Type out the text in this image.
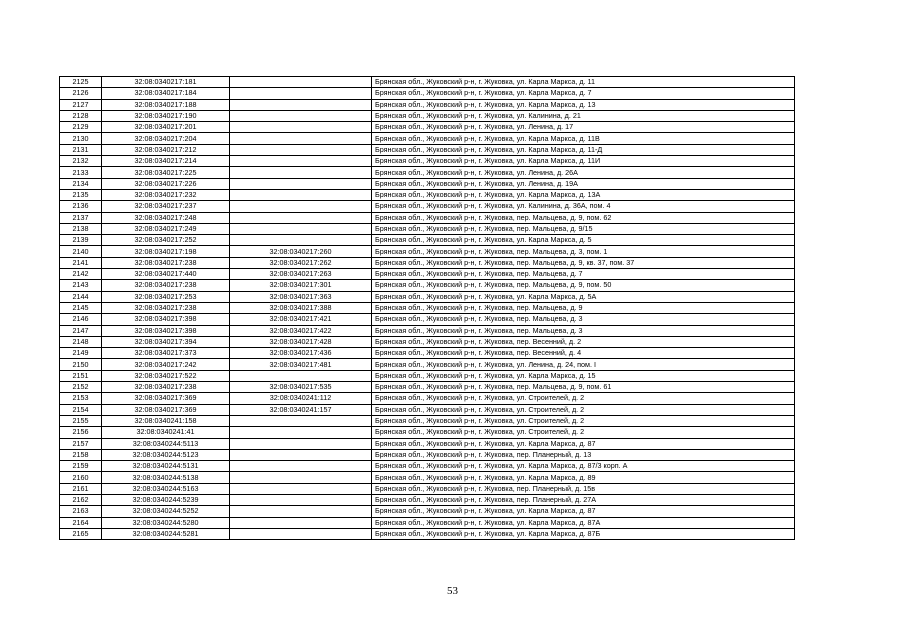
2125	32:08:0340217:181		Брянская обл., Жуковский р-н, г. Жуковка, ул. Карла Маркса, д. 11
2126	32:08:0340217:184		Брянская обл., Жуковский р-н, г. Жуковка, ул. Карла Маркса, д. 7
2127	32:08:0340217:188		Брянская обл., Жуковский р-н, г. Жуковка, ул. Карла Маркса, д. 13
2128	32:08:0340217:190		Брянская обл., Жуковский р-н, г. Жуковка, ул. Калинина, д. 21
2129	32:08:0340217:201		Брянская обл., Жуковский р-н, г. Жуковка, ул. Ленина, д. 17
2130	32:08:0340217:204		Брянская обл., Жуковский р-н, г. Жуковка, ул. Карла Маркса, д. 11В
2131	32:08:0340217:212		Брянская обл., Жуковский р-н, г. Жуковка, ул. Карла Маркса, д. 11-Д
2132	32:08:0340217:214		Брянская обл., Жуковский р-н, г. Жуковка, ул. Карла Маркса, д. 11И
2133	32:08:0340217:225		Брянская обл., Жуковский р-н, г. Жуковка, ул. Ленина, д. 26А
2134	32:08:0340217:226		Брянская обл., Жуковский р-н, г. Жуковка, ул. Ленина, д. 19А
2135	32:08:0340217:232		Брянская обл., Жуковский р-н, г. Жуковка, ул. Карла Маркса, д. 13А
2136	32:08:0340217:237		Брянская обл., Жуковский р-н, г. Жуковка, ул. Калинина, д. 36А, пом. 4
2137	32:08:0340217:248		Брянская обл., Жуковский р-н, г. Жуковка, пер. Мальцева, д. 9, пом. 62
2138	32:08:0340217:249		Брянская обл., Жуковский р-н, г. Жуковка, пер. Мальцева, д. 9/15
2139	32:08:0340217:252		Брянская обл., Жуковский р-н, г. Жуковка, ул. Карла Маркса, д. 5
2140	32:08:0340217:198	32:08:0340217:260	Брянская обл., Жуковский р-н, г. Жуковка, пер. Мальцева, д. 3, пом. 1
2141	32:08:0340217:238	32:08:0340217:262	Брянская обл., Жуковский р-н, г. Жуковка, пер. Мальцева, д. 9, кв. 37, пом. 37
2142	32:08:0340217:440	32:08:0340217:263	Брянская обл., Жуковский р-н, г. Жуковка, пер. Мальцева, д. 7
2143	32:08:0340217:238	32:08:0340217:301	Брянская обл., Жуковский р-н, г. Жуковка, пер. Мальцева, д. 9, пом. 50
2144	32:08:0340217:253	32:08:0340217:363	Брянская обл., Жуковский р-н, г. Жуковка, ул. Карла Маркса, д. 5А
2145	32:08:0340217:238	32:08:0340217:388	Брянская обл., Жуковский р-н, г. Жуковка, пер. Мальцева, д. 9
2146	32:08:0340217:398	32:08:0340217:421	Брянская обл., Жуковский р-н, г. Жуковка, пер. Мальцева, д. 3
2147	32:08:0340217:398	32:08:0340217:422	Брянская обл., Жуковский р-н, г. Жуковка, пер. Мальцева, д. 3
2148	32:08:0340217:394	32:08:0340217:428	Брянская обл., Жуковский р-н, г. Жуковка, пер. Весенний, д. 2
2149	32:08:0340217:373	32:08:0340217:436	Брянская обл., Жуковский р-н, г. Жуковка, пер. Весенний, д. 4
2150	32:08:0340217:242	32:08:0340217:481	Брянская обл., Жуковский р-н, г. Жуковка, ул. Ленина, д. 24, пом. I
2151	32:08:0340217:522		Брянская обл., Жуковский р-н, г. Жуковка, ул. Карла Маркса, д. 15
2152	32:08:0340217:238	32:08:0340217:535	Брянская обл., Жуковский р-н, г. Жуковка, пер. Мальцева, д. 9, пом. 61
2153	32:08:0340217:369	32:08:0340241:112	Брянская обл., Жуковский р-н, г. Жуковка, ул. Строителей, д. 2
2154	32:08:0340217:369	32:08:0340241:157	Брянская обл., Жуковский р-н, г. Жуковка, ул. Строителей, д. 2
2155	32:08:0340241:158		Брянская обл., Жуковский р-н, г. Жуковка, ул. Строителей, д. 2
2156	32:08:0340241:41		Брянская обл., Жуковский р-н, г. Жуковка, ул. Строителей, д. 2
2157	32:08:0340244:5113		Брянская обл., Жуковский р-н, г. Жуковка, ул. Карла Маркса, д. 87
2158	32:08:0340244:5123		Брянская обл., Жуковский р-н, г. Жуковка, пер. Планерный, д. 13
2159	32:08:0340244:5131		Брянская обл., Жуковский р-н, г. Жуковка, ул. Карла Маркса, д. 87/3 корп. А
2160	32:08:0340244:5138		Брянская обл., Жуковский р-н, г. Жуковка, ул. Карла Маркса, д. 89
2161	32:08:0340244:5163		Брянская обл., Жуковский р-н, г. Жуковка, пер. Планерный, д. 15в
2162	32:08:0340244:5239		Брянская обл., Жуковский р-н, г. Жуковка, пер. Планерный, д. 27А
2163	32:08:0340244:5252		Брянская обл., Жуковский р-н, г. Жуковка, ул. Карла Маркса, д. 87
2164	32:08:0340244:5280		Брянская обл., Жуковский р-н, г. Жуковка, ул. Карла Маркса, д. 87А
2165	32:08:0340244:5281		Брянская обл., Жуковский р-н, г. Жуковка, ул. Карла Маркса, д. 87Б
53
